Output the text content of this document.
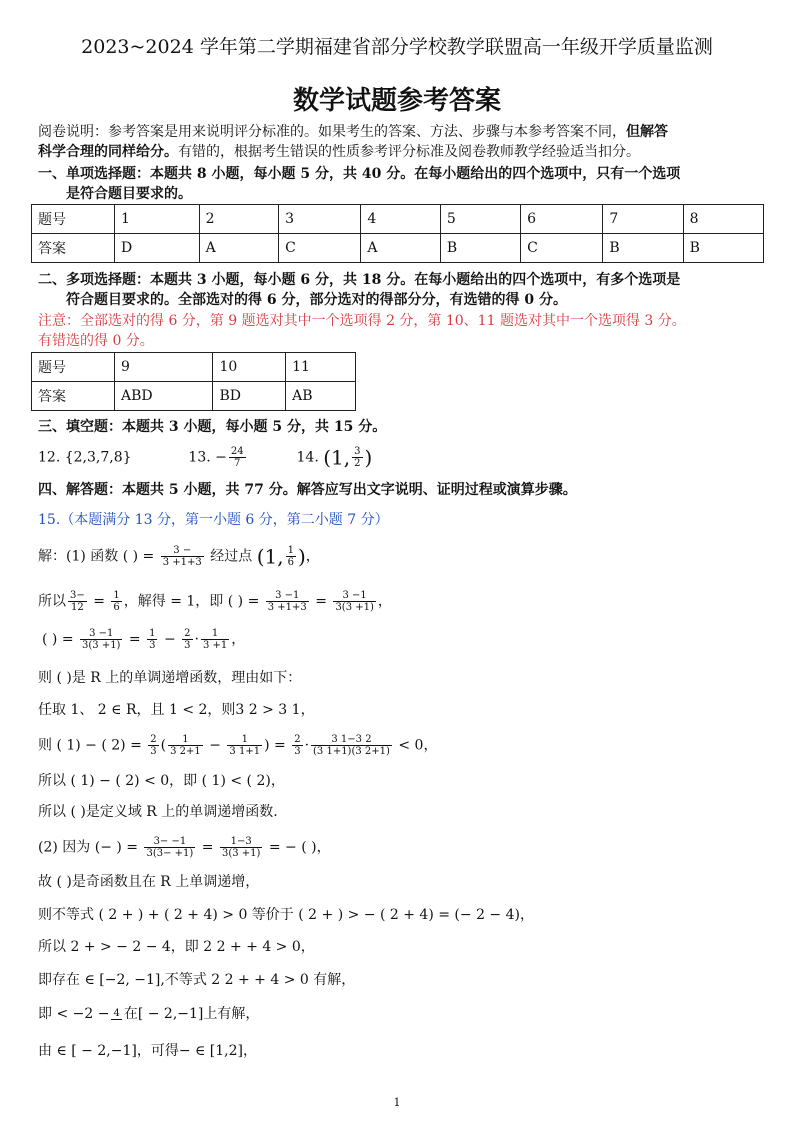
2023~2024 学年第二学期福建省部分学校教学联盟高一年级开学质量监测
数学试题参考答案
阅卷说明：参考答案是用来说明评分标准的。如果考生的答案、方法、步骤与本参考答案不同，但解答
科学合理的同样给分。有错的，根据考生错误的性质参考评分标准及阅卷教师教学经验适当扣分。
一、单项选择题：本题共 8 小题，每小题 5 分，共 40 分。在每小题给出的四个选项中，只有一个选项
是符合题目要求的。
题号	1	2	3	4	5	6	7	8
答案	D	A	C	A	B	C	B	B
二、多项选择题：本题共 3 小题，每小题 6 分，共 18 分。在每小题给出的四个选项中，有多个选项是
符合题目要求的。全部选对的得 6 分，部分选对的得部分分，有选错的得 0 分。
注意：全部选对的得 6 分，第 9 题选对其中一个选项得 2 分，第 10、11 题选对其中一个选项得 3 分。
有错选的得 0 分。
题号	9	10	11
答案	ABD	BD	AB
三、填空题：本题共 3 小题，每小题 5 分，共 15 分。
12. {2,3,7,8}	13. − $\frac{24}{7}$	14. (1, $\frac{3}{2}$ )
四、解答题：本题共 5 小题，共 77 分。解答应写出文字说明、证明过程或演算步骤。
15.（本题满分 13 分，第一小题 6 分，第二小题 7 分）
解：(1) 函数 ( ) = $\frac{3 -}{3 +1+3}$ 经过点 (1, $\frac{1}{6}$ )，
所以 $\frac{3-}{12} = \frac{1}{6}$ ，解得 = 1，即 ( ) = $\frac{3 -1}{3 +1+3} = \frac{3 -1}{3(3 +1)}$ ，
( ) = $\frac{3 -1}{3(3 +1)} = \frac{1}{3} - \frac{2}{3} \cdot \frac{1}{3 +1}$ ，
则 ( )是 R 上的单调递增函数，理由如下：
任取 1、 2 ∈ R，且 1 < 2，则3 2 > 3 1，
则 ( 1) − ( $2) = \frac{2}{3}$ ( $\frac{1}{3 2+1} - \frac{1}{3 1+1}$ ) = $\frac{2}{3} \cdot \frac{3 1-3 2}{(3 1+1)(3 2+1)} < 0$，
所以 ( 1) − ( 2) < 0，即 ( 1) < ( 2)，
所以 ( )是定义域 R 上的单调递增函数.
(2) 因为 (− ) = $\frac{3- -1}{3(3- +1)} = \frac{1-3}{3(3 +1)}$ = − ( )，
故 ( )是奇函数且在 R 上单调递增，
则不等式 ( 2 + ) + ( 2 + 4) > 0 等价于 ( 2 + ) > − ( 2 + 4) = (− 2 − 4)，
所以 2 + > − 2 − 4，即 2 2 + + 4 > 0，
即存在 ∈ [−2, −1],不等式 2 2 + + 4 > 0 有解，
即 < −2 − 4 在[ − 2,−1]上有解，
由 ∈ [ − 2,−1]，可得− ∈ [1,2]，
1
